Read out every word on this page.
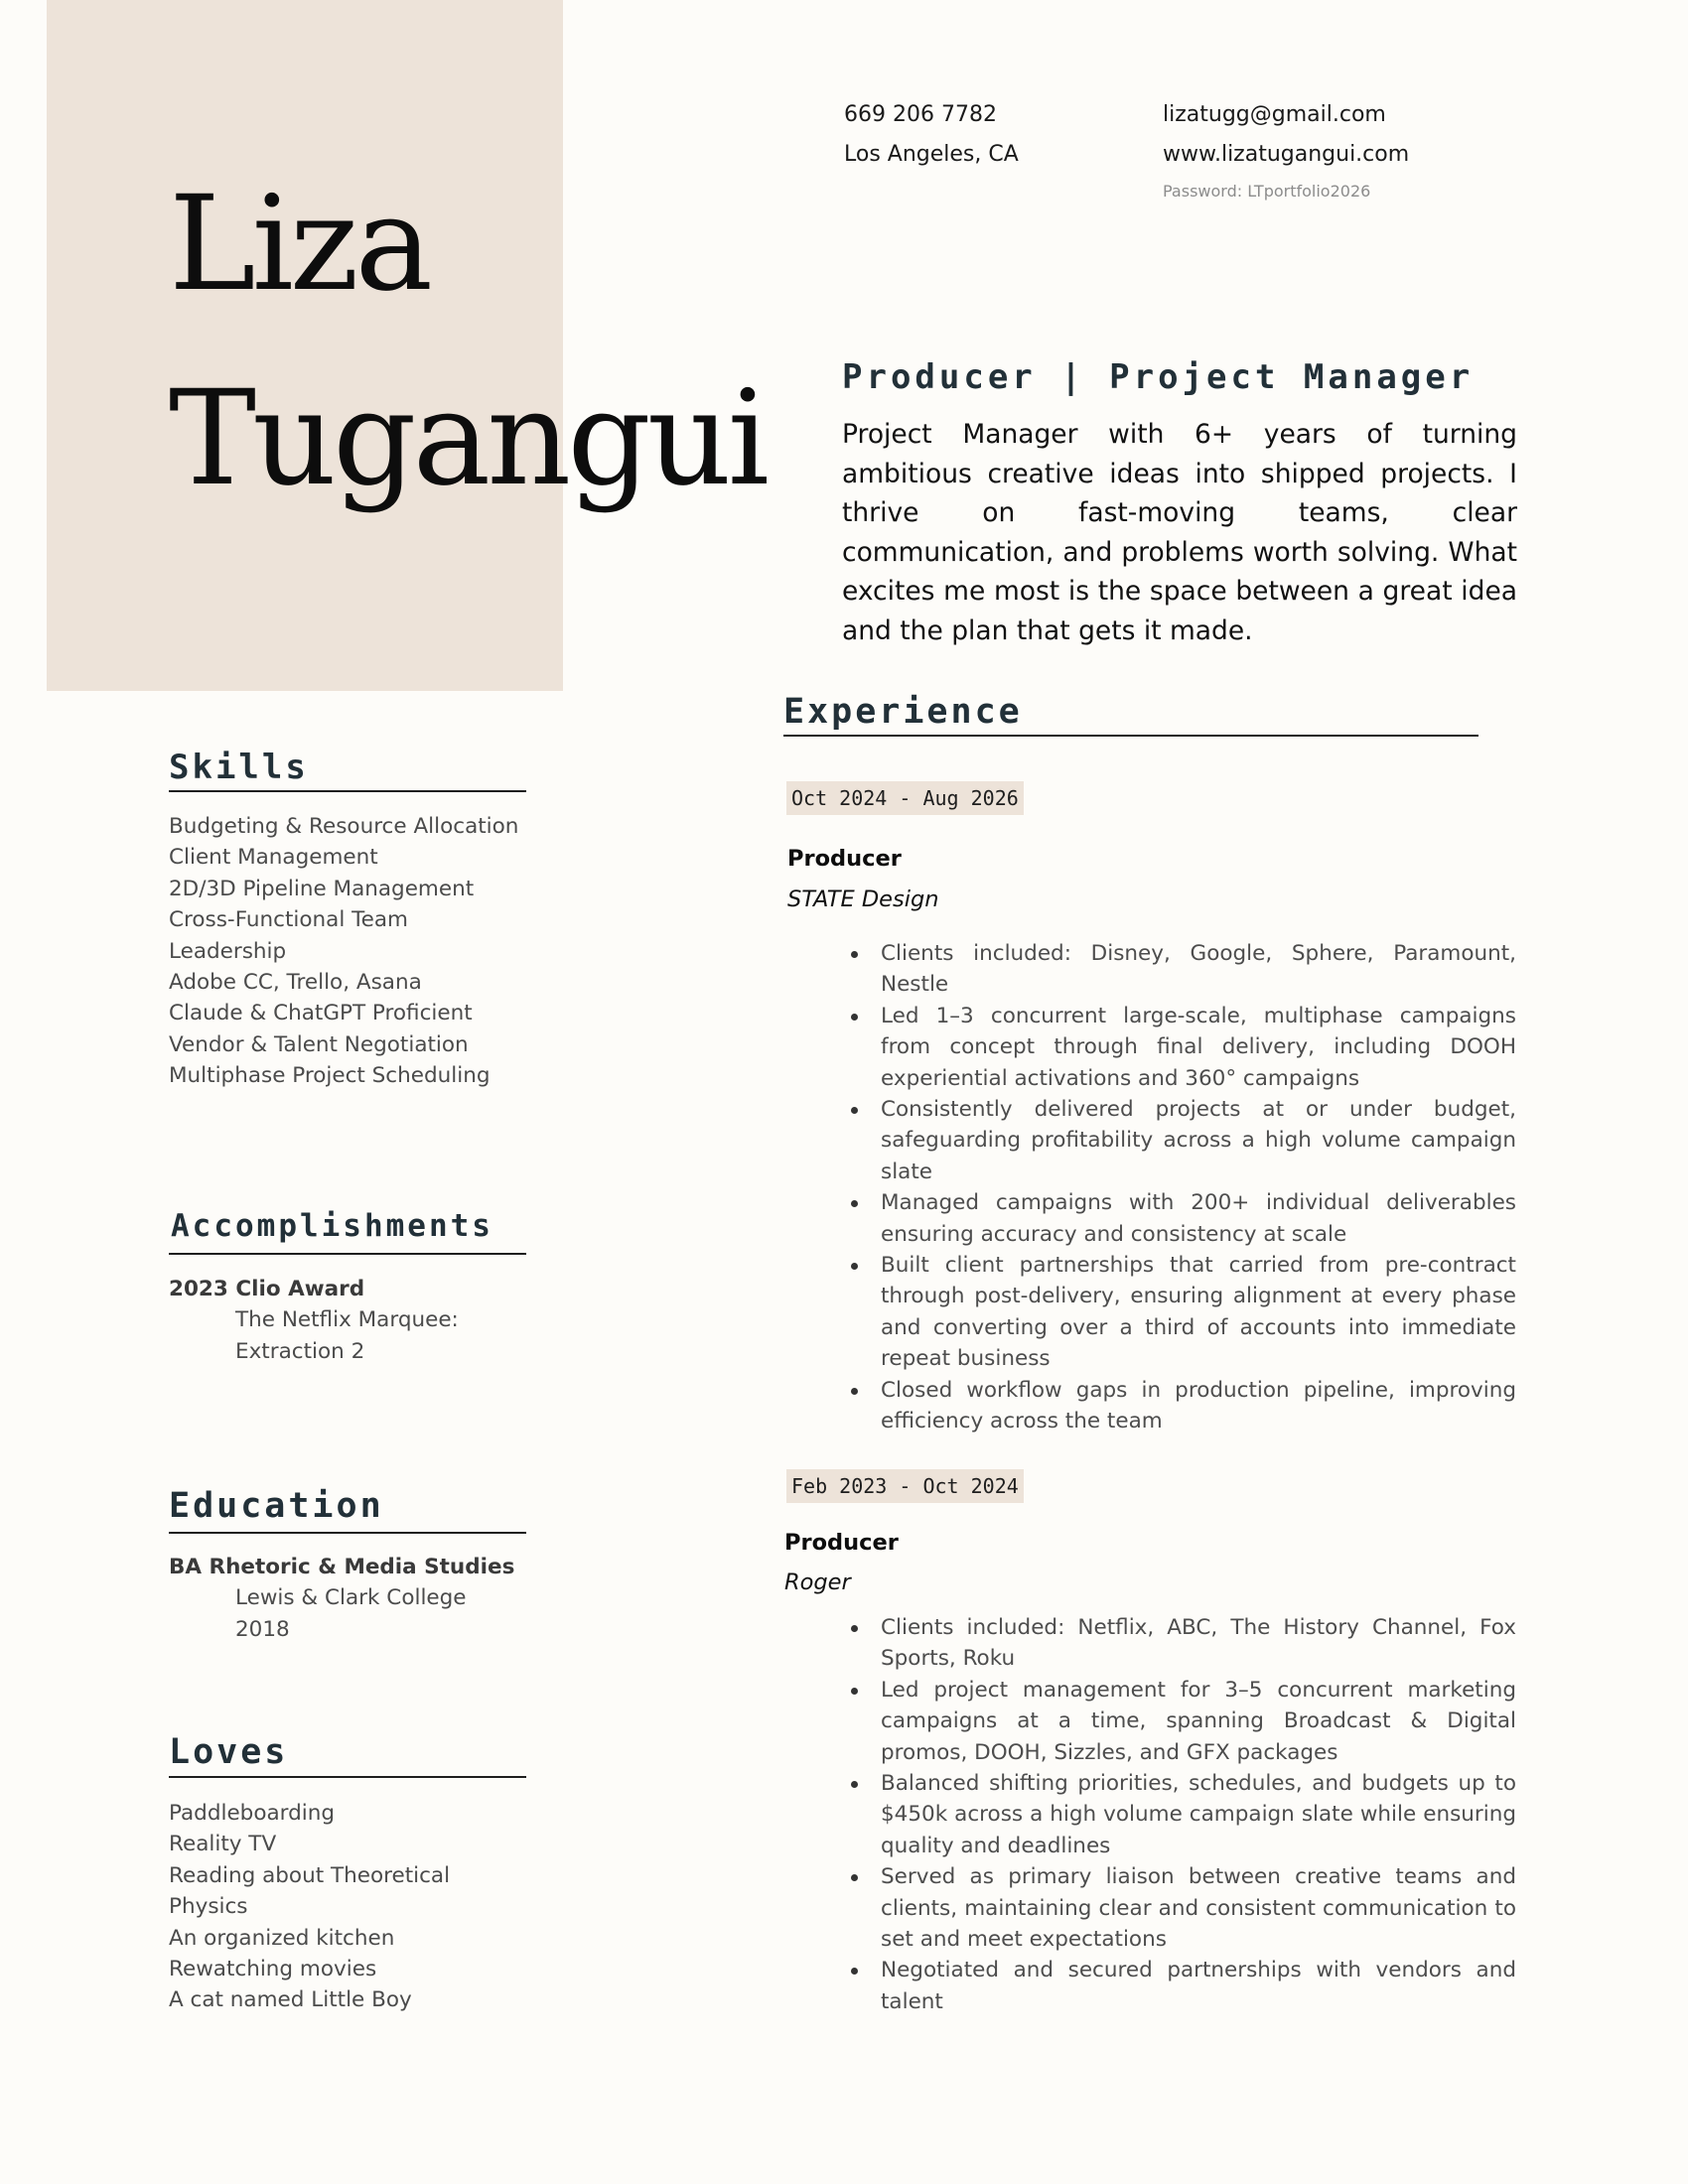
Liza
Tugangui
669 206 7782
Los Angeles, CA
lizatugg@gmail.com
www.lizatugangui.com
Password: LTportfolio2026
Producer | Project Manager
Project Manager with 6+ years of turning ambitious creative ideas into shipped projects. I thrive on fast-moving teams, clear communication, and problems worth solving. What excites me most is the space between a great idea and the plan that gets it made.
Skills
Budgeting & Resource Allocation
Client Management
2D/3D Pipeline Management
Cross-Functional Team
Leadership
Adobe CC, Trello, Asana
Claude & ChatGPT Proficient
Vendor & Talent Negotiation
Multiphase Project Scheduling
Accomplishments
2023 Clio Award
The Netflix Marquee:
Extraction 2
Education
BA Rhetoric & Media Studies
Lewis & Clark College
2018
Loves
Paddleboarding
Reality TV
Reading about Theoretical
Physics
An organized kitchen
Rewatching movies
A cat named Little Boy
Experience
Oct 2024 - Aug 2026
Producer
STATE Design
Clients included: Disney, Google, Sphere, Paramount, Nestle
Led 1–3 concurrent large-scale, multiphase campaigns from concept through final delivery, including DOOH experiential activations and 360° campaigns
Consistently delivered projects at or under budget, safeguarding profitability across a high volume campaign slate
Managed campaigns with 200+ individual deliverables ensuring accuracy and consistency at scale
Built client partnerships that carried from pre-contract through post-delivery, ensuring alignment at every phase and converting over a third of accounts into immediate repeat business
Closed workflow gaps in production pipeline, improving efficiency across the team
Feb 2023 - Oct 2024
Producer
Roger
Clients included: Netflix, ABC, The History Channel, Fox Sports, Roku
Led project management for 3–5 concurrent marketing campaigns at a time, spanning Broadcast & Digital promos, DOOH, Sizzles, and GFX packages
Balanced shifting priorities, schedules, and budgets up to $450k across a high volume campaign slate while ensuring quality and deadlines
Served as primary liaison between creative teams and clients, maintaining clear and consistent communication to set and meet expectations
Negotiated and secured partnerships with vendors and talent
